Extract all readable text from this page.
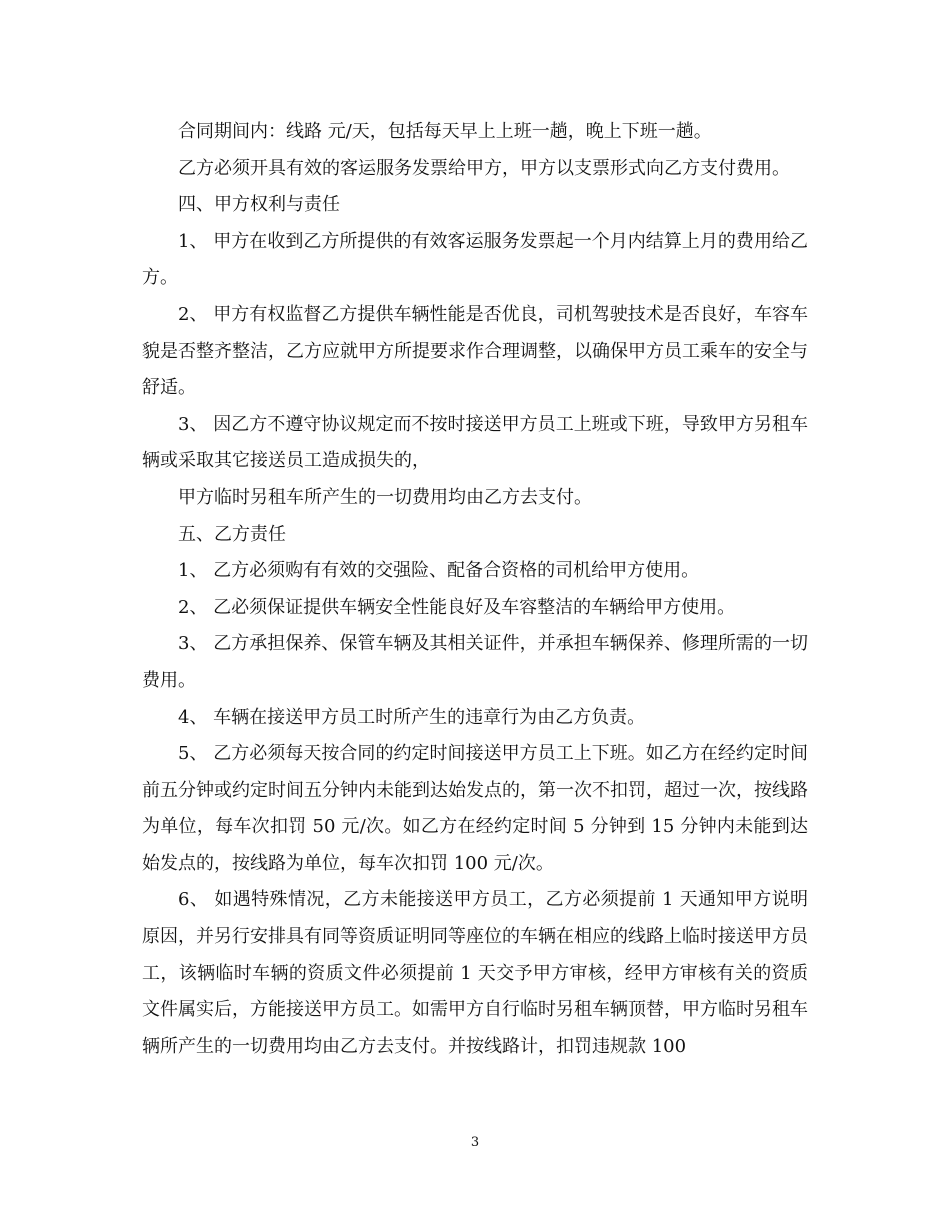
合同期间内：线路 元/天，包括每天早上上班一趟，晚上下班一趟。

乙方必须开具有效的客运服务发票给甲方，甲方以支票形式向乙方支付费用。

四、甲方权利与责任

1、 甲方在收到乙方所提供的有效客运服务发票起一个月内结算上月的费用给乙方。

2、 甲方有权监督乙方提供车辆性能是否优良，司机驾驶技术是否良好，车容车貌是否整齐整洁，乙方应就甲方所提要求作合理调整，以确保甲方员工乘车的安全与舒适。

3、 因乙方不遵守协议规定而不按时接送甲方员工上班或下班，导致甲方另租车辆或采取其它接送员工造成损失的，

甲方临时另租车所产生的一切费用均由乙方去支付。

五、乙方责任

1、 乙方必须购有有效的交强险、配备合资格的司机给甲方使用。

2、 乙必须保证提供车辆安全性能良好及车容整洁的车辆给甲方使用。

3、 乙方承担保养、保管车辆及其相关证件，并承担车辆保养、修理所需的一切费用。

4、 车辆在接送甲方员工时所产生的违章行为由乙方负责。

5、 乙方必须每天按合同的约定时间接送甲方员工上下班。如乙方在经约定时间前五分钟或约定时间五分钟内未能到达始发点的，第一次不扣罚，超过一次，按线路为单位，每车次扣罚 50 元/次。如乙方在经约定时间 5 分钟到 15 分钟内未能到达始发点的，按线路为单位，每车次扣罚 100 元/次。

6、 如遇特殊情况，乙方未能接送甲方员工，乙方必须提前 1 天通知甲方说明原因，并另行安排具有同等资质证明同等座位的车辆在相应的线路上临时接送甲方员工，该辆临时车辆的资质文件必须提前 1 天交予甲方审核，经甲方审核有关的资质文件属实后，方能接送甲方员工。如需甲方自行临时另租车辆顶替，甲方临时另租车辆所产生的一切费用均由乙方去支付。并按线路计，扣罚违规款 100

3
